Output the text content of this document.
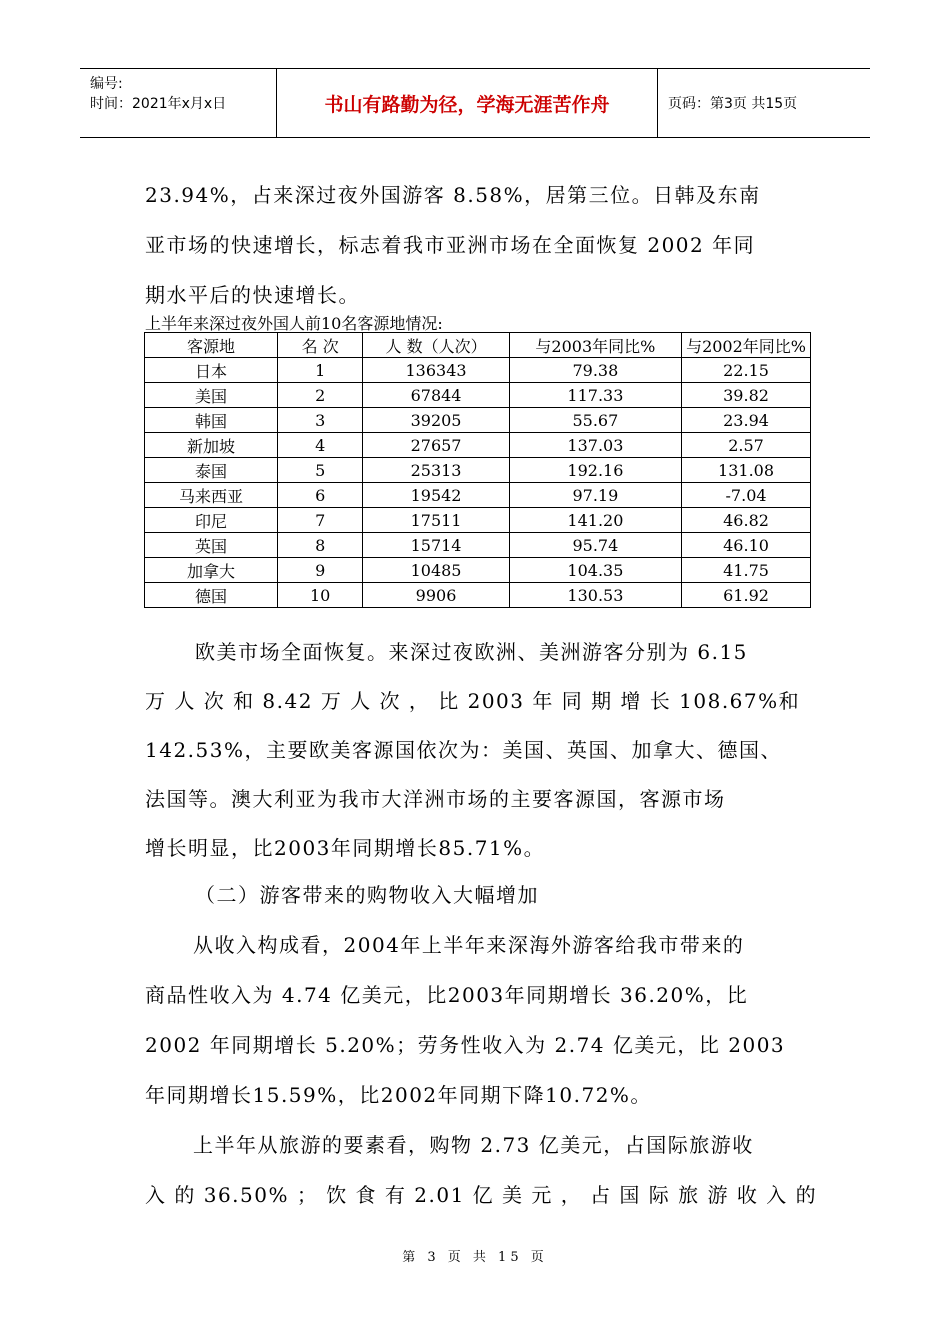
编号:
时间：2021年x月x日	书山有路勤为径，学海无涯苦作舟	页码：第3页 共15页
23.94%，占来深过夜外国游客 8.58%，居第三位。日韩及东南
亚市场的快速增长，标志着我市亚洲市场在全面恢复 2002 年同
期水平后的快速增长。
上半年来深过夜外国人前10名客源地情况:
客源地	名 次	人 数（人次）	与2003年同比%	与2002年同比%
日本	1	136343	79.38	22.15
美国	2	67844	117.33	39.82
韩国	3	39205	55.67	23.94
新加坡	4	27657	137.03	2.57
泰国	5	25313	192.16	131.08
马来西亚	6	19542	97.19	-7.04
印尼	7	17511	141.20	46.82
英国	8	15714	95.74	46.10
加拿大	9	10485	104.35	41.75
德国	10	9906	130.53	61.92
欧美市场全面恢复。来深过夜欧洲、美洲游客分别为 6.15
万 人 次 和 8.42 万 人 次 ， 比 2003 年 同 期 增 长 108.67%和
142.53%，主要欧美客源国依次为：美国、英国、加拿大、德国、
法国等。澳大利亚为我市大洋洲市场的主要客源国，客源市场
增长明显，比2003年同期增长85.71%。
（二）游客带来的购物收入大幅增加
从收入构成看，2004年上半年来深海外游客给我市带来的
商品性收入为 4.74 亿美元，比2003年同期增长 36.20%，比
2002 年同期增长 5.20%；劳务性收入为 2.74 亿美元，比 2003
年同期增长15.59%，比2002年同期下降10.72%。
上半年从旅游的要素看，购物 2.73 亿美元，占国际旅游收
入 的 36.50% ； 饮 食 有 2.01 亿 美 元 ， 占 国 际 旅 游 收 入 的
第 3 页 共 15 页
